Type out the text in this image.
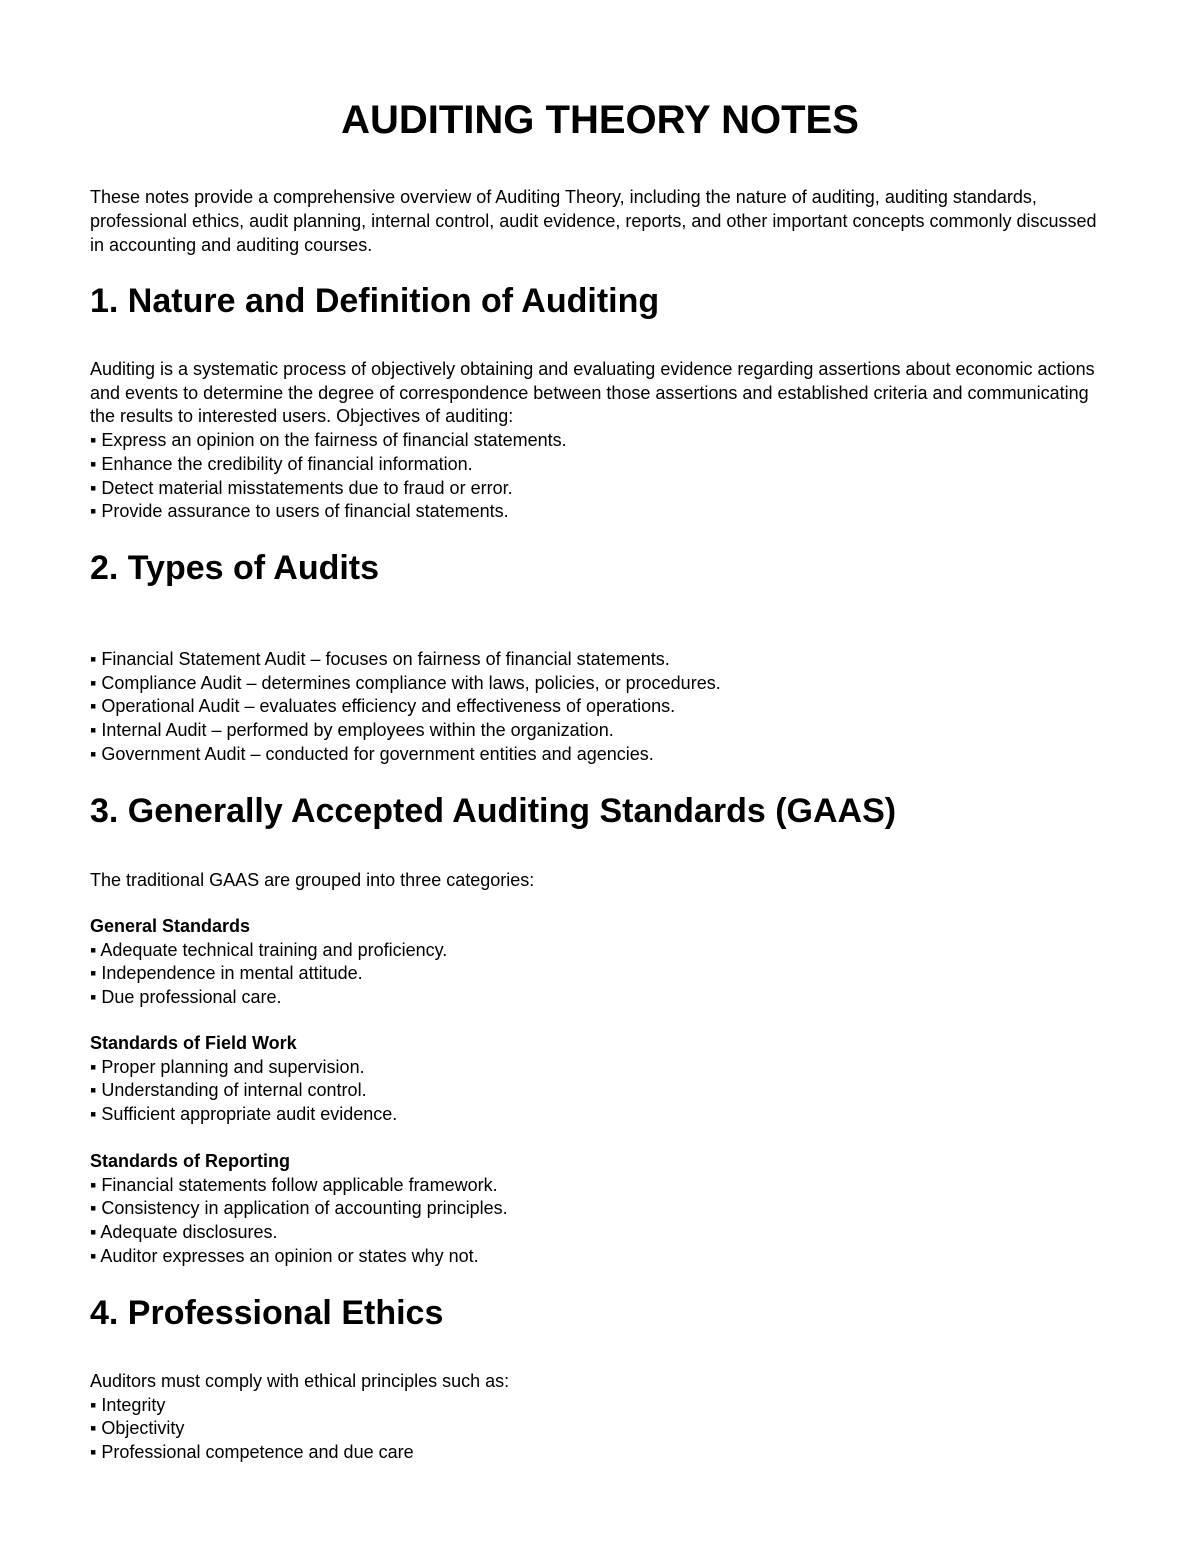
AUDITING THEORY NOTES

These notes provide a comprehensive overview of Auditing Theory, including the nature of auditing, auditing standards, professional ethics, audit planning, internal control, audit evidence, reports, and other important concepts commonly discussed in accounting and auditing courses.

1. Nature and Definition of Auditing

Auditing is a systematic process of objectively obtaining and evaluating evidence regarding assertions about economic actions and events to determine the degree of correspondence between those assertions and established criteria and communicating the results to interested users. Objectives of auditing:

▪ Express an opinion on the fairness of financial statements.
▪ Enhance the credibility of financial information.
▪ Detect material misstatements due to fraud or error.
▪ Provide assurance to users of financial statements.
2. Types of Audits
▪ Financial Statement Audit – focuses on fairness of financial statements.
▪ Compliance Audit – determines compliance with laws, policies, or procedures.
▪ Operational Audit – evaluates efficiency and effectiveness of operations.
▪ Internal Audit – performed by employees within the organization.
▪ Government Audit – conducted for government entities and agencies.
3. Generally Accepted Auditing Standards (GAAS)

The traditional GAAS are grouped into three categories:

General Standards

▪ Adequate technical training and proficiency.
▪ Independence in mental attitude.
▪ Due professional care.

Standards of Field Work

▪ Proper planning and supervision.
▪ Understanding of internal control.
▪ Sufficient appropriate audit evidence.

Standards of Reporting

▪ Financial statements follow applicable framework.
▪ Consistency in application of accounting principles.
▪ Adequate disclosures.
▪ Auditor expresses an opinion or states why not.
4. Professional Ethics

Auditors must comply with ethical principles such as:

▪ Integrity
▪ Objectivity
▪ Professional competence and due care
